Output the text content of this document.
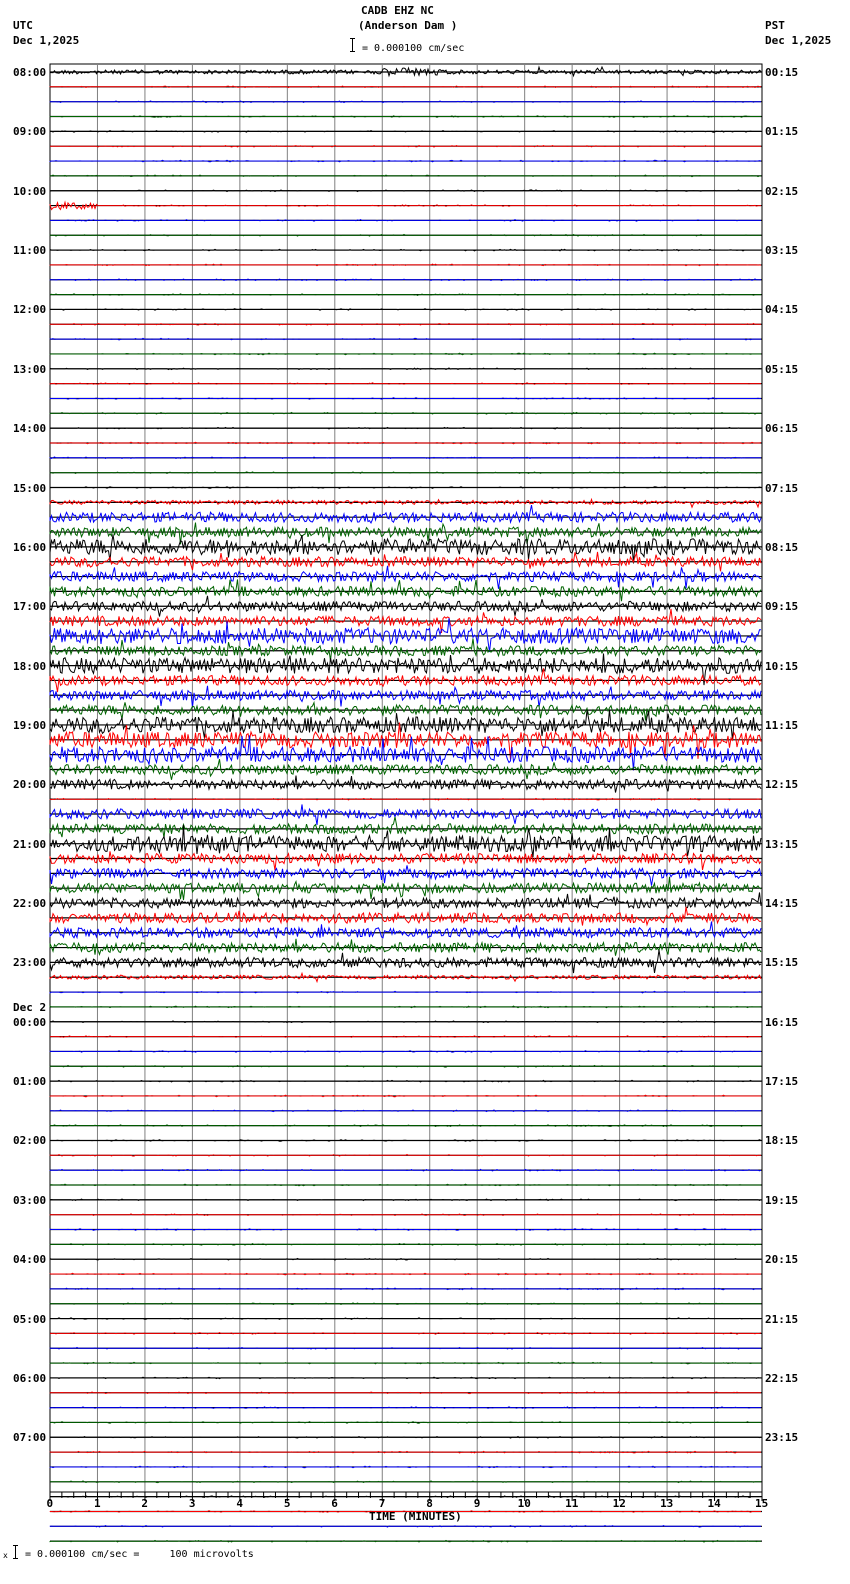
CADB EHZ NC
(Anderson Dam )
= 0.000100 cm/sec
UTC
Dec 1,2025
PST
Dec 1,2025
08:00
09:00
10:00
11:00
12:00
13:00
14:00
15:00
16:00
17:00
18:00
19:00
20:00
21:00
22:00
23:00
00:00
Dec 2
01:00
02:00
03:00
04:00
05:00
06:00
07:00
00:15
01:15
02:15
03:15
04:15
05:15
06:15
07:15
08:15
09:15
10:15
11:15
12:15
13:15
14:15
15:15
16:15
17:15
18:15
19:15
20:15
21:15
22:15
23:15
0	1	2	3	4	5	6	7	8	9	10	11	12	13	14	15
TIME (MINUTES)
x = 0.000100 cm/sec =     100 microvolts
